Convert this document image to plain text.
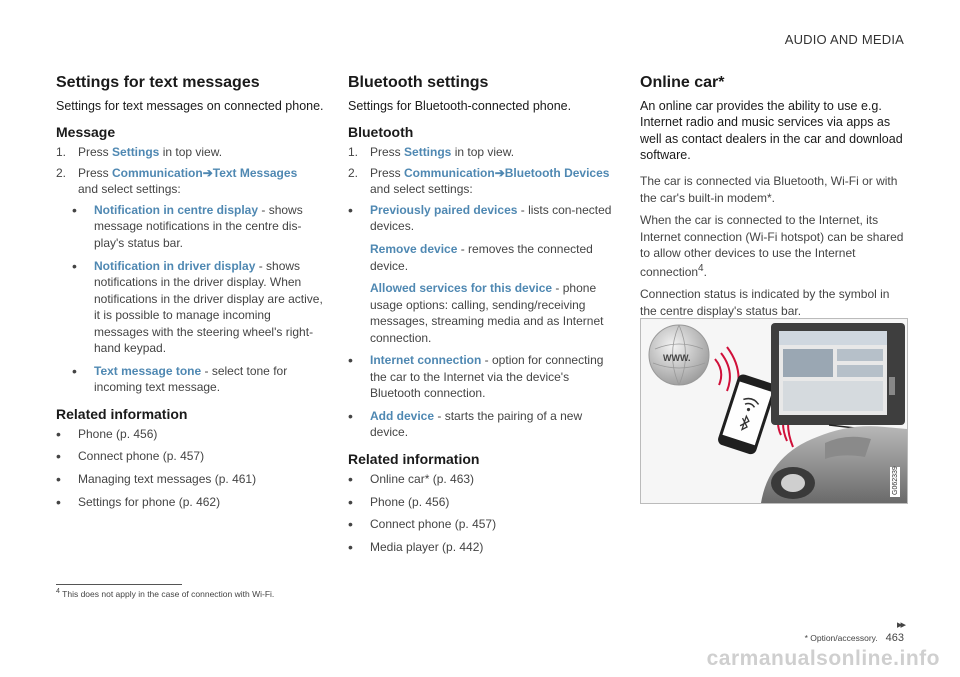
AUDIO AND MEDIA
Settings for text messages
Settings for text messages on connected phone.
Message
1. Press Settings in top view.
2. Press Communication➔Text Messages
and select settings:
•	Notification in centre display - shows message notifications in the centre dis-play's status bar.
•	Notification in driver display - shows notifications in the driver display. When notifications in the driver display are active, it is possible to manage incoming messages with the steering wheel's right-hand keypad.
•	Text message tone - select tone for incoming text message.
Related information
•	Phone (p. 456)
•	Connect phone (p. 457)
•	Managing text messages (p. 461)
•	Settings for phone (p. 462)
Bluetooth settings
Settings for Bluetooth-connected phone.
Bluetooth
1. Press Settings in top view.
2. Press Communication➔Bluetooth Devices and select settings:
•	Previously paired devices - lists con-nected devices.

Remove device - removes the connected device.

Allowed services for this device - phone usage options: calling, sending/receiving messages, streaming media and as Internet connection.

•	Internet connection - option for connecting the car to the Internet via the device's Bluetooth connection.
•	Add device - starts the pairing of a new device.
Related information
•	Online car* (p. 463)
•	Phone (p. 456)
•	Connect phone (p. 457)
•	Media player (p. 442)
Online car*
An online car provides the ability to use e.g. Internet radio and music services via apps as well as contact dealers in the car and download software.

The car is connected via Bluetooth, Wi-Fi or with the car's built-in modem*.

When the car is connected to the Internet, its Internet connection (Wi-Fi hotspot) can be shared to allow other devices to use the Internet connection$^4$.

Connection status is indicated by the symbol in the centre display's status bar.

WWW.
G062339
$^4$ This does not apply in the case of connection with Wi-Fi.
▸▸
* Option/accessory. 463
carmanualsonline.info
